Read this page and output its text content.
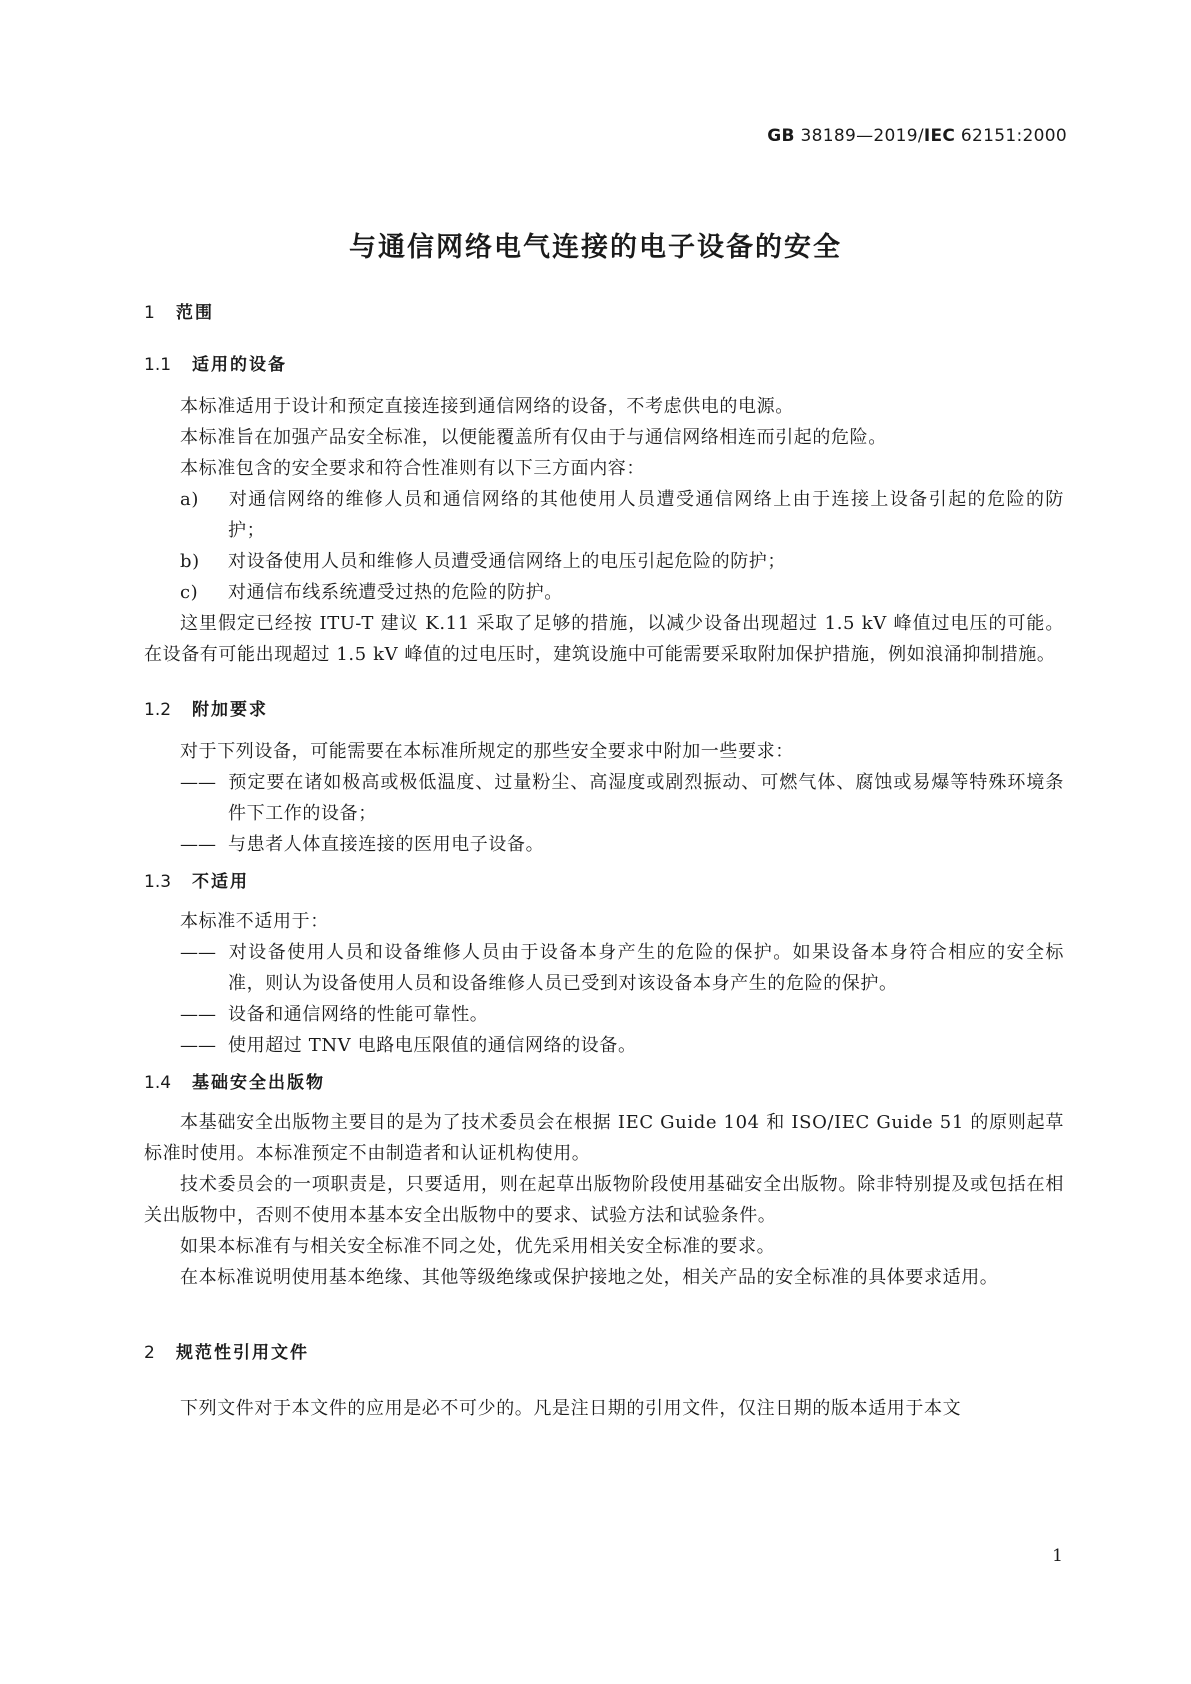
GB 38189—2019/IEC 62151:2000
与通信网络电气连接的电子设备的安全
1 范围
1.1 适用的设备

本标准适用于设计和预定直接连接到通信网络的设备，不考虑供电的电源。

本标准旨在加强产品安全标准，以便能覆盖所有仅由于与通信网络相连而引起的危险。

本标准包含的安全要求和符合性准则有以下三方面内容：

a) 对通信网络的维修人员和通信网络的其他使用人员遭受通信网络上由于连接上设备引起的危险的防护；

b) 对设备使用人员和维修人员遭受通信网络上的电压引起危险的防护；

c) 对通信布线系统遭受过热的危险的防护。

这里假定已经按 ITU-T 建议 K.11 采取了足够的措施，以减少设备出现超过 1.5 kV 峰值过电压的可能。在设备有可能出现超过 1.5 kV 峰值的过电压时，建筑设施中可能需要采取附加保护措施，例如浪涌抑制措施。

1.2 附加要求

对于下列设备，可能需要在本标准所规定的那些安全要求中附加一些要求：

—— 预定要在诸如极高或极低温度、过量粉尘、高湿度或剧烈振动、可燃气体、腐蚀或易爆等特殊环境条件下工作的设备；

—— 与患者人体直接连接的医用电子设备。

1.3 不适用

本标准不适用于：

—— 对设备使用人员和设备维修人员由于设备本身产生的危险的保护。如果设备本身符合相应的安全标准，则认为设备使用人员和设备维修人员已受到对该设备本身产生的危险的保护。

—— 设备和通信网络的性能可靠性。

—— 使用超过 TNV 电路电压限值的通信网络的设备。

1.4 基础安全出版物

本基础安全出版物主要目的是为了技术委员会在根据 IEC Guide 104 和 ISO/IEC Guide 51 的原则起草标准时使用。本标准预定不由制造者和认证机构使用。

技术委员会的一项职责是，只要适用，则在起草出版物阶段使用基础安全出版物。除非特别提及或包括在相关出版物中，否则不使用本基本安全出版物中的要求、试验方法和试验条件。

如果本标准有与相关安全标准不同之处，优先采用相关安全标准的要求。

在本标准说明使用基本绝缘、其他等级绝缘或保护接地之处，相关产品的安全标准的具体要求适用。

2 规范性引用文件

下列文件对于本文件的应用是必不可少的。凡是注日期的引用文件，仅注日期的版本适用于本文

1
